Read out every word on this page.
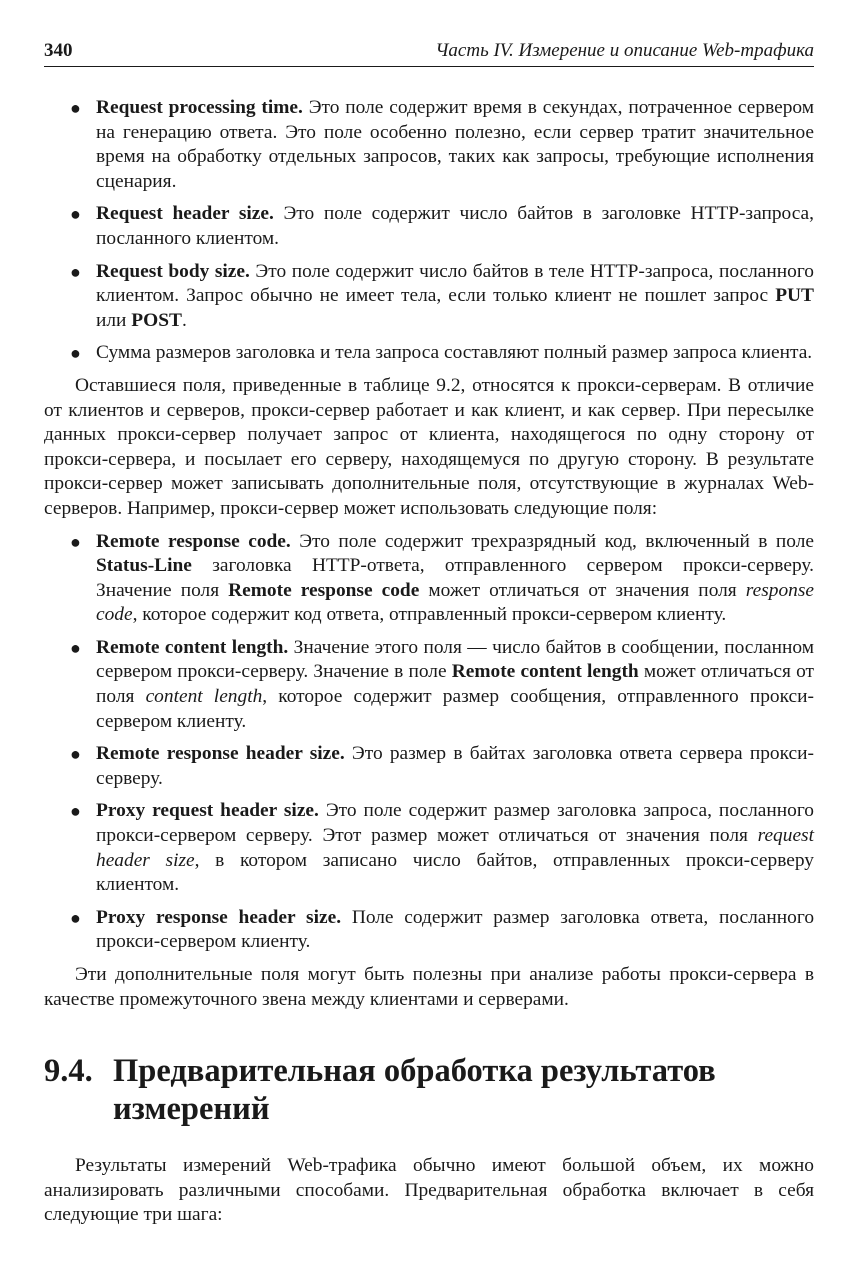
340	Часть IV. Измерение и описание Web-трафика
● Request processing time. Это поле содержит время в секундах, потраченное сервером на генерацию ответа. Это поле особенно полезно, если сервер тратит значительное время на обработку отдельных запросов, таких как запросы, требующие исполнения сценария.
● Request header size. Это поле содержит число байтов в заголовке HTTP-запроса, посланного клиентом.
● Request body size. Это поле содержит число байтов в теле HTTP-запроса, посланного клиентом. Запрос обычно не имеет тела, если только клиент не пошлет запрос PUT или POST.
● Сумма размеров заголовка и тела запроса составляют полный размер запроса клиента.

Оставшиеся поля, приведенные в таблице 9.2, относятся к прокси-серверам. В отличие от клиентов и серверов, прокси-сервер работает и как клиент, и как сервер. При пересылке данных прокси-сервер получает запрос от клиента, находящегося по одну сторону от прокси-сервера, и посылает его серверу, находящемуся по другую сторону. В результате прокси-сервер может записывать дополнительные поля, отсутствующие в журналах Web-серверов. Например, прокси-сервер может использовать следующие поля:

● Remote response code. Это поле содержит трехразрядный код, включенный в поле Status-Line заголовка HTTP-ответа, отправленного сервером прокси-серверу. Значение поля Remote response code может отличаться от значения поля response code, которое содержит код ответа, отправленный прокси-сервером клиенту.
● Remote content length. Значение этого поля — число байтов в сообщении, посланном сервером прокси-серверу. Значение в поле Remote content length может отличаться от поля content length, которое содержит размер сообщения, отправленного прокси-сервером клиенту.
● Remote response header size. Это размер в байтах заголовка ответа сервера прокси-серверу.
● Proxy request header size. Это поле содержит размер заголовка запроса, посланного прокси-сервером серверу. Этот размер может отличаться от значения поля request header size, в котором записано число байтов, отправленных прокси-серверу клиентом.
● Proxy response header size. Поле содержит размер заголовка ответа, посланного прокси-сервером клиенту.

Эти дополнительные поля могут быть полезны при анализе работы прокси-сервера в качестве промежуточного звена между клиентами и серверами.

9.4. Предварительная обработка результатов
измерений

Результаты измерений Web-трафика обычно имеют большой объем, их можно анализировать различными способами. Предварительная обработка включает в себя следующие три шага:
